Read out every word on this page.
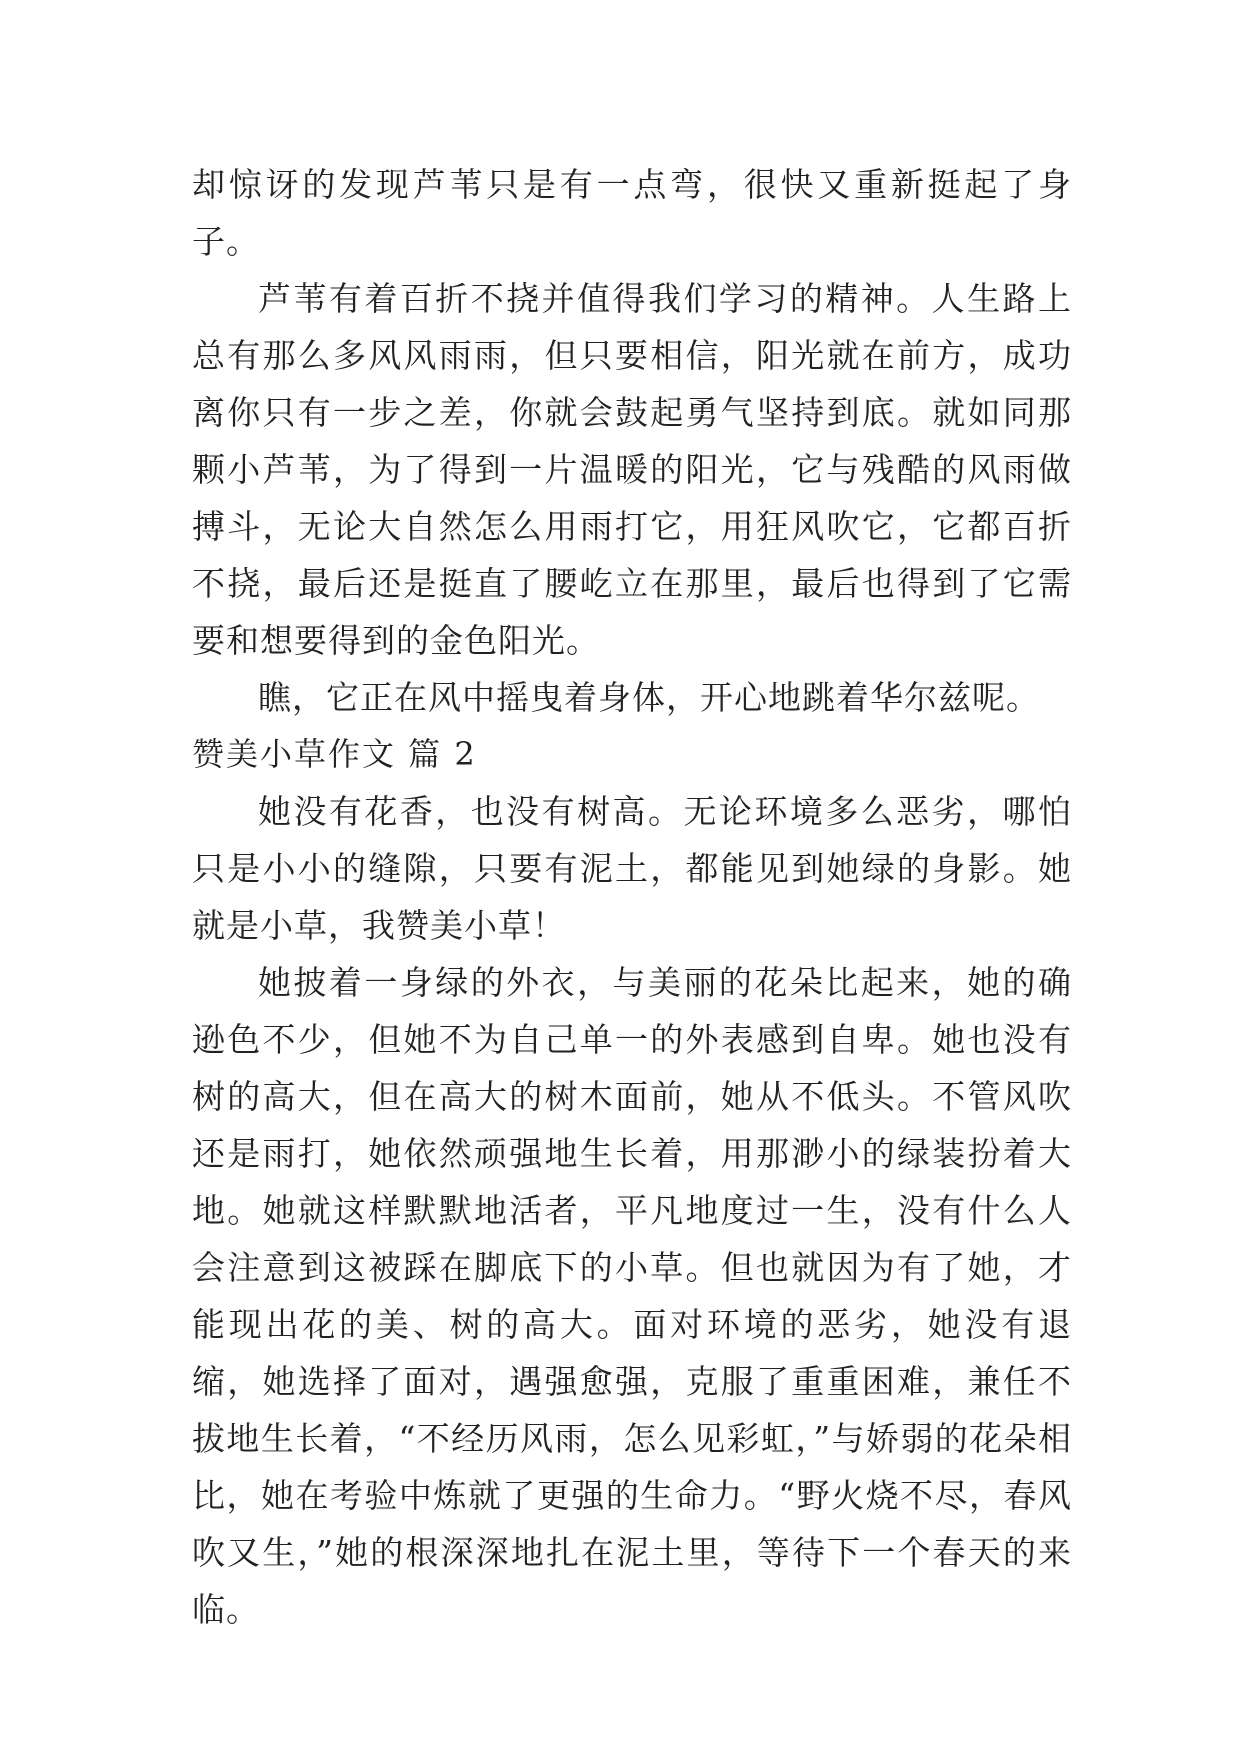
却惊讶的发现芦苇只是有一点弯，很快又重新挺起了身子。

芦苇有着百折不挠并值得我们学习的精神。人生路上总有那么多风风雨雨，但只要相信，阳光就在前方，成功离你只有一步之差，你就会鼓起勇气坚持到底。就如同那颗小芦苇，为了得到一片温暖的阳光，它与残酷的风雨做搏斗，无论大自然怎么用雨打它，用狂风吹它，它都百折不挠，最后还是挺直了腰屹立在那里，最后也得到了它需要和想要得到的金色阳光。

瞧，它正在风中摇曳着身体，开心地跳着华尔兹呢。

赞美小草作文 篇 2

她没有花香，也没有树高。无论环境多么恶劣，哪怕只是小小的缝隙，只要有泥土，都能见到她绿的身影。她就是小草，我赞美小草！

她披着一身绿的外衣，与美丽的花朵比起来，她的确逊色不少，但她不为自己单一的外表感到自卑。她也没有树的高大，但在高大的树木面前，她从不低头。不管风吹还是雨打，她依然顽强地生长着，用那渺小的绿装扮着大地。她就这样默默地活者，平凡地度过一生，没有什么人会注意到这被踩在脚底下的小草。但也就因为有了她，才能现出花的美、树的高大。面对环境的恶劣，她没有退缩，她选择了面对，遇强愈强，克服了重重困难，兼任不拔地生长着，“不经历风雨，怎么见彩虹，”与娇弱的花朵相比，她在考验中炼就了更强的生命力。“野火烧不尽，春风吹又生，”她的根深深地扎在泥土里，等待下一个春天的来临。
